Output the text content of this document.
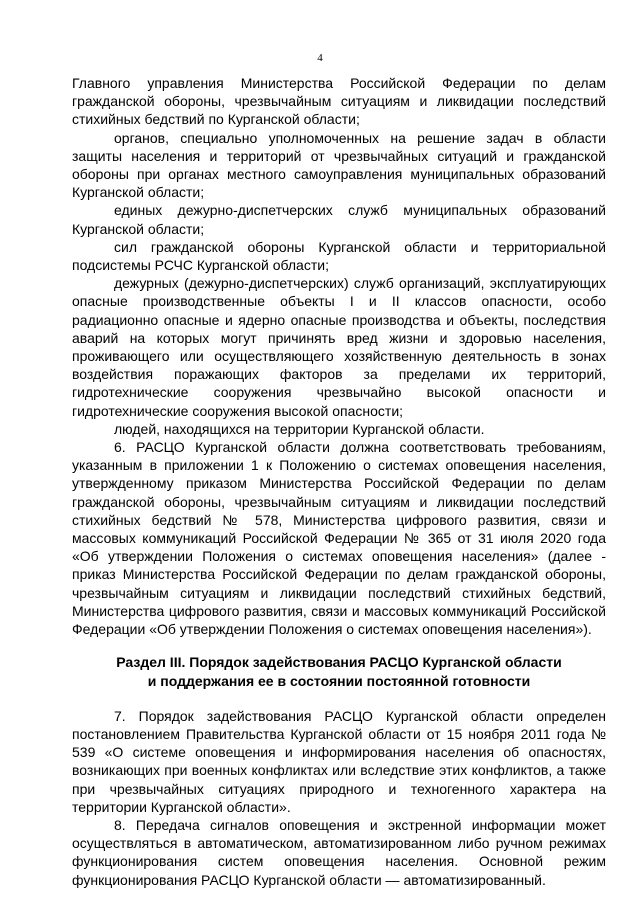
4

Главного управления Министерства Российской Федерации по делам гражданской обороны, чрезвычайным ситуациям и ликвидации последствий стихийных бедствий по Курганской области;

органов, специально уполномоченных на решение задач в области защиты населения и территорий от чрезвычайных ситуаций и гражданской обороны при органах местного самоуправления муниципальных образований Курганской области;

единых дежурно-диспетчерских служб муниципальных образований Курганской области;

сил гражданской обороны Курганской области и территориальной подсистемы РСЧС Курганской области;

дежурных (дежурно-диспетчерских) служб организаций, эксплуатирующих опасные производственные объекты I и II классов опасности, особо радиационно опасные и ядерно опасные производства и объекты, последствия аварий на которых могут причинять вред жизни и здоровью населения, проживающего или осуществляющего хозяйственную деятельность в зонах воздействия поражающих факторов за пределами их территорий, гидротехнические сооружения чрезвычайно высокой опасности и гидротехнические сооружения высокой опасности;

людей, находящихся на территории Курганской области.

6. РАСЦО Курганской области должна соответствовать требованиям, указанным в приложении 1 к Положению о системах оповещения населения, утвержденному приказом Министерства Российской Федерации по делам гражданской обороны, чрезвычайным ситуациям и ликвидации последствий стихийных бедствий № 578, Министерства цифрового развития, связи и массовых коммуникаций Российской Федерации № 365 от 31 июля 2020 года «Об утверждении Положения о системах оповещения населения» (далее - приказ Министерства Российской Федерации по делам гражданской обороны, чрезвычайным ситуациям и ликвидации последствий стихийных бедствий, Министерства цифрового развития, связи и массовых коммуникаций Российской Федерации «Об утверждении Положения о системах оповещения населения»).

Раздел III. Порядок задействования РАСЦО Курганской области
и поддержания ее в состоянии постоянной готовности

7. Порядок задействования РАСЦО Курганской области определен постановлением Правительства Курганской области от 15 ноября 2011 года № 539 «О системе оповещения и информирования населения об опасностях, возникающих при военных конфликтах или вследствие этих конфликтов, а также при чрезвычайных ситуациях природного и техногенного характера на территории Курганской области».

8. Передача сигналов оповещения и экстренной информации может осуществляться в автоматическом, автоматизированном либо ручном режимах функционирования систем оповещения населения. Основной режим функционирования РАСЦО Курганской области — автоматизированный.
